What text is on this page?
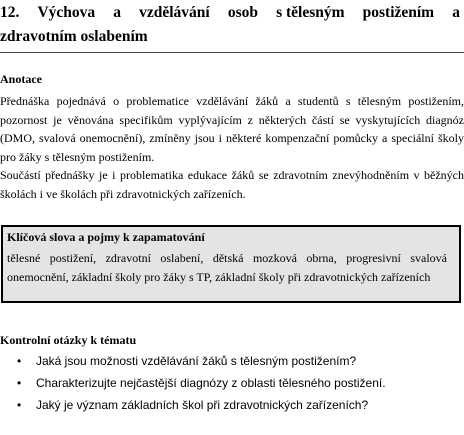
12. Výchova a vzdělávání osob s tělesným postižením a
zdravotním oslabením
Anotace
Přednáška pojednává o problematice vzdělávání žáků a studentů s tělesným postižením,
pozornost je věnována specifikům vyplývajícím z některých částí se vyskytujících diagnóz
(DMO, svalová onemocnění), zmíněny jsou i některé kompenzační pomůcky a speciální školy
pro žáky s tělesným postižením.
Součástí přednášky je i problematika edukace žáků se zdravotním znevýhodněním v běžných
školách i ve školách při zdravotnických zařízeních.
Klíčová slova a pojmy k zapamatování
tělesné postižení, zdravotní oslabení, dětská mozková obrna, progresivní svalová
onemocnění, základní školy pro žáky s TP, základní školy při zdravotnických zařízeních
Kontrolní otázky k tématu
• Jaká jsou možnosti vzdělávání žáků s tělesným postižením?
• Charakterizujte nejčastější diagnózy z oblasti tělesného postižení.
• Jaký je význam základních škol při zdravotnických zařízeních?
